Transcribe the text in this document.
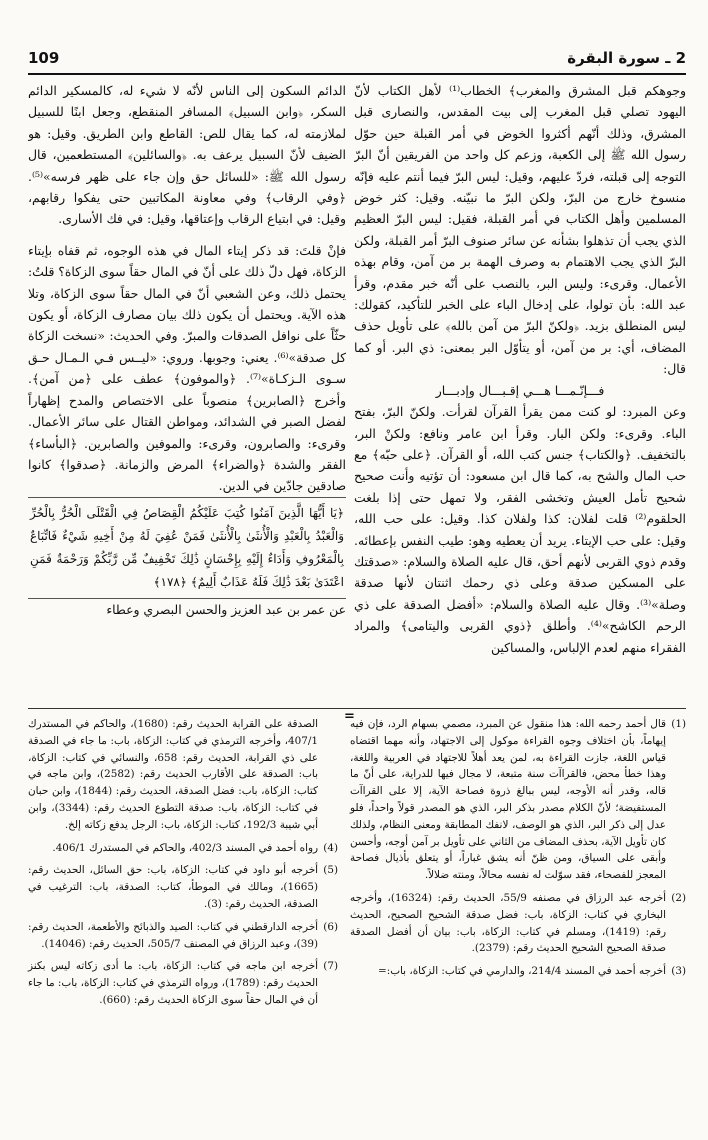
2 ـ سورة البقرة
109

وجوهكم قبل المشرق والمغرب﴾ الخطاب⁽¹⁾ لأهل الكتاب لأنّ اليهود تصلي قبل المغرب إلى بيت المقدس، والنصارى قبل المشرق، وذلك أنّهم أكثروا الخوض في أمر القبلة حين حوّل رسول الله ﷺ إلى الكعبة، وزعم كل واحد من الفريقين أنّ البرّ التوجه إلى قبلته، فردّ عليهم، وقيل: ليس البرّ فيما أنتم عليه فإنّه منسوخ خارج من البرّ، ولكن البرّ ما نبيّنه. وقيل: كثر خوض المسلمين وأهل الكتاب في أمر القبلة، فقيل: ليس البرّ العظيم الذي يجب أن تذهلوا بشأنه عن سائر صنوف البرّ أمر القبلة، ولكن البرّ الذي يجب الاهتمام به وصرف الهمة بر من آمن، وقام بهذه الأعمال. وقرىء: وليس البر، بالنصب على أنّه خبر مقدم، وقرأ عبد الله: بأن تولوا، على إدخال الباء على الخبر للتأكيد، كقولك: ليس المنطلق بزيد. ﴿ولكنّ البرّ من آمن بالله﴾ على تأويل حذف المضاف، أي: بر من آمن، أو يتأوّل البر بمعنى: ذي البر. أو كما قال:

فـــإنّـمـــا هـــي إقـبـــال وإدبـــار

وعن المبرد: لو كنت ممن يقرأ القرآن لقرأت. ولكنّ البرّ، بفتح الباء. وقرىء: ولكن البار. وقرأ ابن عامر ونافع: ولكنْ البر، بالتخفيف. ﴿والكتاب﴾ جنس كتب الله، أو القرآن. ﴿على حبّه﴾ مع حب المال والشح به، كما قال ابن مسعود: أن تؤتيه وأنت صحيح شحيح تأمل العيش وتخشى الفقر، ولا تمهل حتى إذا بلغت الحلقوم⁽²⁾ قلت لفلان: كذا ولفلان كذا. وقيل: على حب الله، وقيل: على حب الإيتاء. يريد أن يعطيه وهو: طيب النفس بإعطائه. وقدم ذوي القربى لأنهم أحق، قال عليه الصلاة والسلام: «صدقتك على المسكين صدقة وعلى ذي رحمك اثنتان لأنها صدقة وصلة»⁽³⁾. وقال عليه الصلاة والسلام: «أفضل الصدقة على ذي الرحم الكاشح»⁽⁴⁾. وأطلق ﴿ذوي القربى واليتامى﴾ والمراد الفقراء منهم لعدم الإلباس، والمساكين

الدائم السكون إلى الناس لأنّه لا شيء له، كالمسكير الدائم السكر، ﴿وابن السبيل﴾ المسافر المنقطع، وجعل ابنًا للسبيل لملازمته له، كما يقال للص: القاطع وابن الطريق. وقيل: هو الضيف لأنّ السبيل يرعف به. ﴿والسائلين﴾ المستطعمين، قال رسول الله ﷺ: «للسائل حق وإن جاء على ظهر فرسه»⁽⁵⁾. ﴿وفي الرقاب﴾ وفي معاونة المكاتبين حتى يفكوا رقابهم، وقيل: في ابتياع الرقاب وإعتاقها، وقيل: في فك الأسارى.

فإنْ قلتَ: قد ذكر إيتاء المال في هذه الوجوه، ثم قفاه بإيتاء الزكاة، فهل دلّ ذلك على أنّ في المال حقاً سوى الزكاة؟ قلتُ: يحتمل ذلك، وعن الشعبي أنّ في المال حقاً سوى الزكاة، وتلا هذه الآية. ويحتمل أن يكون ذلك بيان مصارف الزكاة، أو يكون حثّاً على نوافل الصدقات والمبرّ. وفي الحديث: «نسخت الزكاة كل صدقة»⁽⁶⁾. يعني: وجوبها. وروي: «ليــس فـي الـمـال حـق سـوى الـزكـاة»⁽⁷⁾. ﴿والموفون﴾ عطف على ﴿من آمن﴾. وأخرج ﴿الصابرين﴾ منصوباً على الاختصاص والمدح إظهاراً لفضل الصبر في الشدائد، ومواطن القتال على سائر الأعمال. وقرىء: والصابرون، وقرىء: والموفين والصابرين. ﴿البأساء﴾ الفقر والشدة ﴿والضراء﴾ المرض والزمانة. ﴿صدقوا﴾ كانوا صادقين جادّين في الدين.

﴿يَا أَيُّهَا الَّذِينَ آمَنُوا كُتِبَ عَلَيْكُمُ الْقِصَاصُ فِي الْقَتْلَى الْحُرُّ بِالْحُرِّ وَالْعَبْدُ بِالْعَبْدِ وَالْأُنثَىٰ بِالْأُنثَىٰ فَمَنْ عُفِيَ لَهُ مِنْ أَخِيهِ شَيْءٌ فَاتِّبَاعٌ بِالْمَعْرُوفِ وَأَدَاءٌ إِلَيْهِ بِإِحْسَانٍ ذَٰلِكَ تَخْفِيفٌ مِّن رَّبِّكُمْ وَرَحْمَةٌ فَمَنِ اعْتَدَىٰ بَعْدَ ذَٰلِكَ فَلَهُ عَذَابٌ أَلِيمٌ﴾ ﴿١٧٨﴾

عن عمر بن عبد العزيز والحسن البصري وعطاء

=	(1)
قال أحمد رحمه الله: هذا منقول عن المبرد، مصمي بسهام الرد، فإن فيه إيهاماً، بأن اختلاف وجوه القراءة موكول إلى الاجتهاد، وأنه مهما اقتضاه قياس اللغة، جازت القراءة به، لمن يعد أهلاً للاجتهاد في العربية واللغة، وهذا خطأ محض، فالقراآت سنة متبعة، لا مجال فيها للدراية، على أنّ ما قاله، وقدر أنه الأوجه، ليس ببالغ ذروة فصاحة الآية، إلا على القراآت المستفيضة؛ لأنّ الكلام مصدر بذكر البر، الذي هو المصدر قولاً واحداً، فلو عدل إلى ذكر البر، الذي هو الوصف، لانفك المطابقة ومعنى النظام، ولذلك كان تأويل الآية، بحذف المضاف من الثاني على تأويل بر آمن أوجه، وأحسن وأبقى على السياق، ومن ظنّ أنه يشق غباراً، أو يتعلق بأذيال فصاحة المعجز للفصحاء، فقد سوّلت له نفسه محالاً، ومنته ضلالاً.
(2)
أخرجه عبد الرزاق في مصنفه 55/9، الحديث رقم: (16324)، وأخرجه البخاري في كتاب: الزكاة، باب: فضل صدقة الشحيح الصحيح، الحديث رقم: (1419)، ومسلم في كتاب: الزكاة، باب: بيان أن أفضل الصدقة صدقة الصحيح الشحيح الحديث رقم: (2379).
(3)
أخرجه أحمد في المسند 214/4، والدارمي في كتاب: الزكاة، باب:=
الصدقة على القرابة الحديث رقم: (1680)، والحاكم في المستدرك 407/1، وأخرجه الترمذي في كتاب: الزكاة، باب: ما جاء في الصدقة على ذي القرابة، الحديث رقم: 658، والنسائي في كتاب: الزكاة، باب: الصدقة على الأقارب الحديث رقم: (2582)، وابن ماجه في كتاب: الزكاة، باب: فضل الصدقة، الحديث رقم: (1844)، وابن حبان في كتاب: الزكاة، باب: صدقة التطوع الحديث رقم: (3344)، وابن أبي شيبة 192/3، كتاب: الزكاة، باب: الرجل يدفع زكاته إلخ.
(4)
رواه أحمد في المسند 402/3، والحاكم في المستدرك 406/1.
(5)
أخرجه أبو داود في كتاب: الزكاة، باب: حق السائل، الحديث رقم: (1665)، ومالك في الموطأ، كتاب: الصدقة، باب: الترغيب في الصدقة، الحديث رقم: (3).
(6)
أخرجه الدارقطني في كتاب: الصيد والذبائح والأطعمة، الحديث رقم: (39)، وعبد الرزاق في المصنف 505/7، الحديث رقم: (14046).
(7)
أخرجه ابن ماجه في كتاب: الزكاة، باب: ما أدى زكاته ليس بكنز الحديث رقم: (1789)، ورواه الترمذي في كتاب: الزكاة، باب: ما جاء أن في المال حقاً سوى الزكاة الحديث رقم: (660).
